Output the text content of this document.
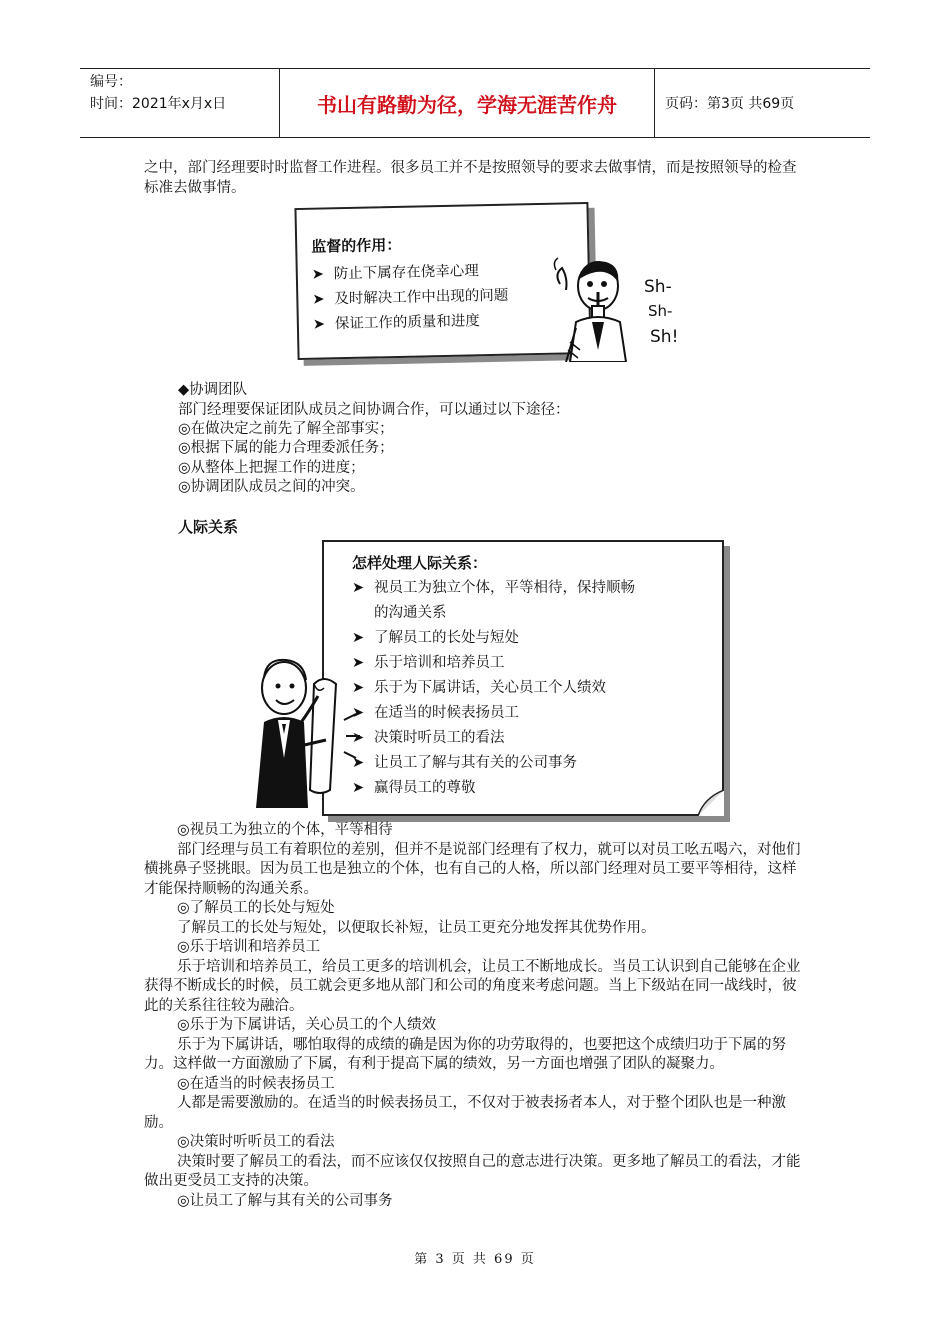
编号：
时间：2021年x月x日	书山有路勤为径，学海无涯苦作舟	页码：第3页 共69页

之中，部门经理要时时监督工作进程。很多员工并不是按照领导的要求去做事情，而是按照领导的检查标准去做事情。

监督的作用：
➤ 防止下属存在侥幸心理
➤ 及时解决工作中出现的问题
➤ 保证工作的质量和进度
Sh-
Sh-
Sh!

◆协调团队

部门经理要保证团队成员之间协调合作，可以通过以下途径：

◎在做决定之前先了解全部事实；

◎根据下属的能力合理委派任务；

◎从整体上把握工作的进度；

◎协调团队成员之间的冲突。

人际关系
怎样处理人际关系：
➤ 视员工为独立个体，平等相待，保持顺畅
的沟通关系
➤ 了解员工的长处与短处
➤ 乐于培训和培养员工
➤ 乐于为下属讲话，关心员工个人绩效
➤ 在适当的时候表扬员工
➤ 决策时听员工的看法
➤ 让员工了解与其有关的公司事务
➤ 赢得员工的尊敬
◎视员工为独立的个体，平等相待
部门经理与员工有着职位的差别，但并不是说部门经理有了权力，就可以对员工吆五喝六，对他们横挑鼻子竖挑眼。因为员工也是独立的个体，也有自己的人格，所以部门经理对员工要平等相待，这样才能保持顺畅的沟通关系。
◎了解员工的长处与短处
了解员工的长处与短处，以便取长补短，让员工更充分地发挥其优势作用。
◎乐于培训和培养员工
乐于培训和培养员工，给员工更多的培训机会，让员工不断地成长。当员工认识到自己能够在企业获得不断成长的时候，员工就会更多地从部门和公司的角度来考虑问题。当上下级站在同一战线时，彼此的关系往往较为融洽。
◎乐于为下属讲话，关心员工的个人绩效
乐于为下属讲话，哪怕取得的成绩的确是因为你的功劳取得的，也要把这个成绩归功于下属的努力。这样做一方面激励了下属，有利于提高下属的绩效，另一方面也增强了团队的凝聚力。
◎在适当的时候表扬员工
人都是需要激励的。在适当的时候表扬员工，不仅对于被表扬者本人，对于整个团队也是一种激励。
◎决策时听听员工的看法
决策时要了解员工的看法，而不应该仅仅按照自己的意志进行决策。更多地了解员工的看法，才能做出更受员工支持的决策。
◎让员工了解与其有关的公司事务
第 3 页 共 69 页
